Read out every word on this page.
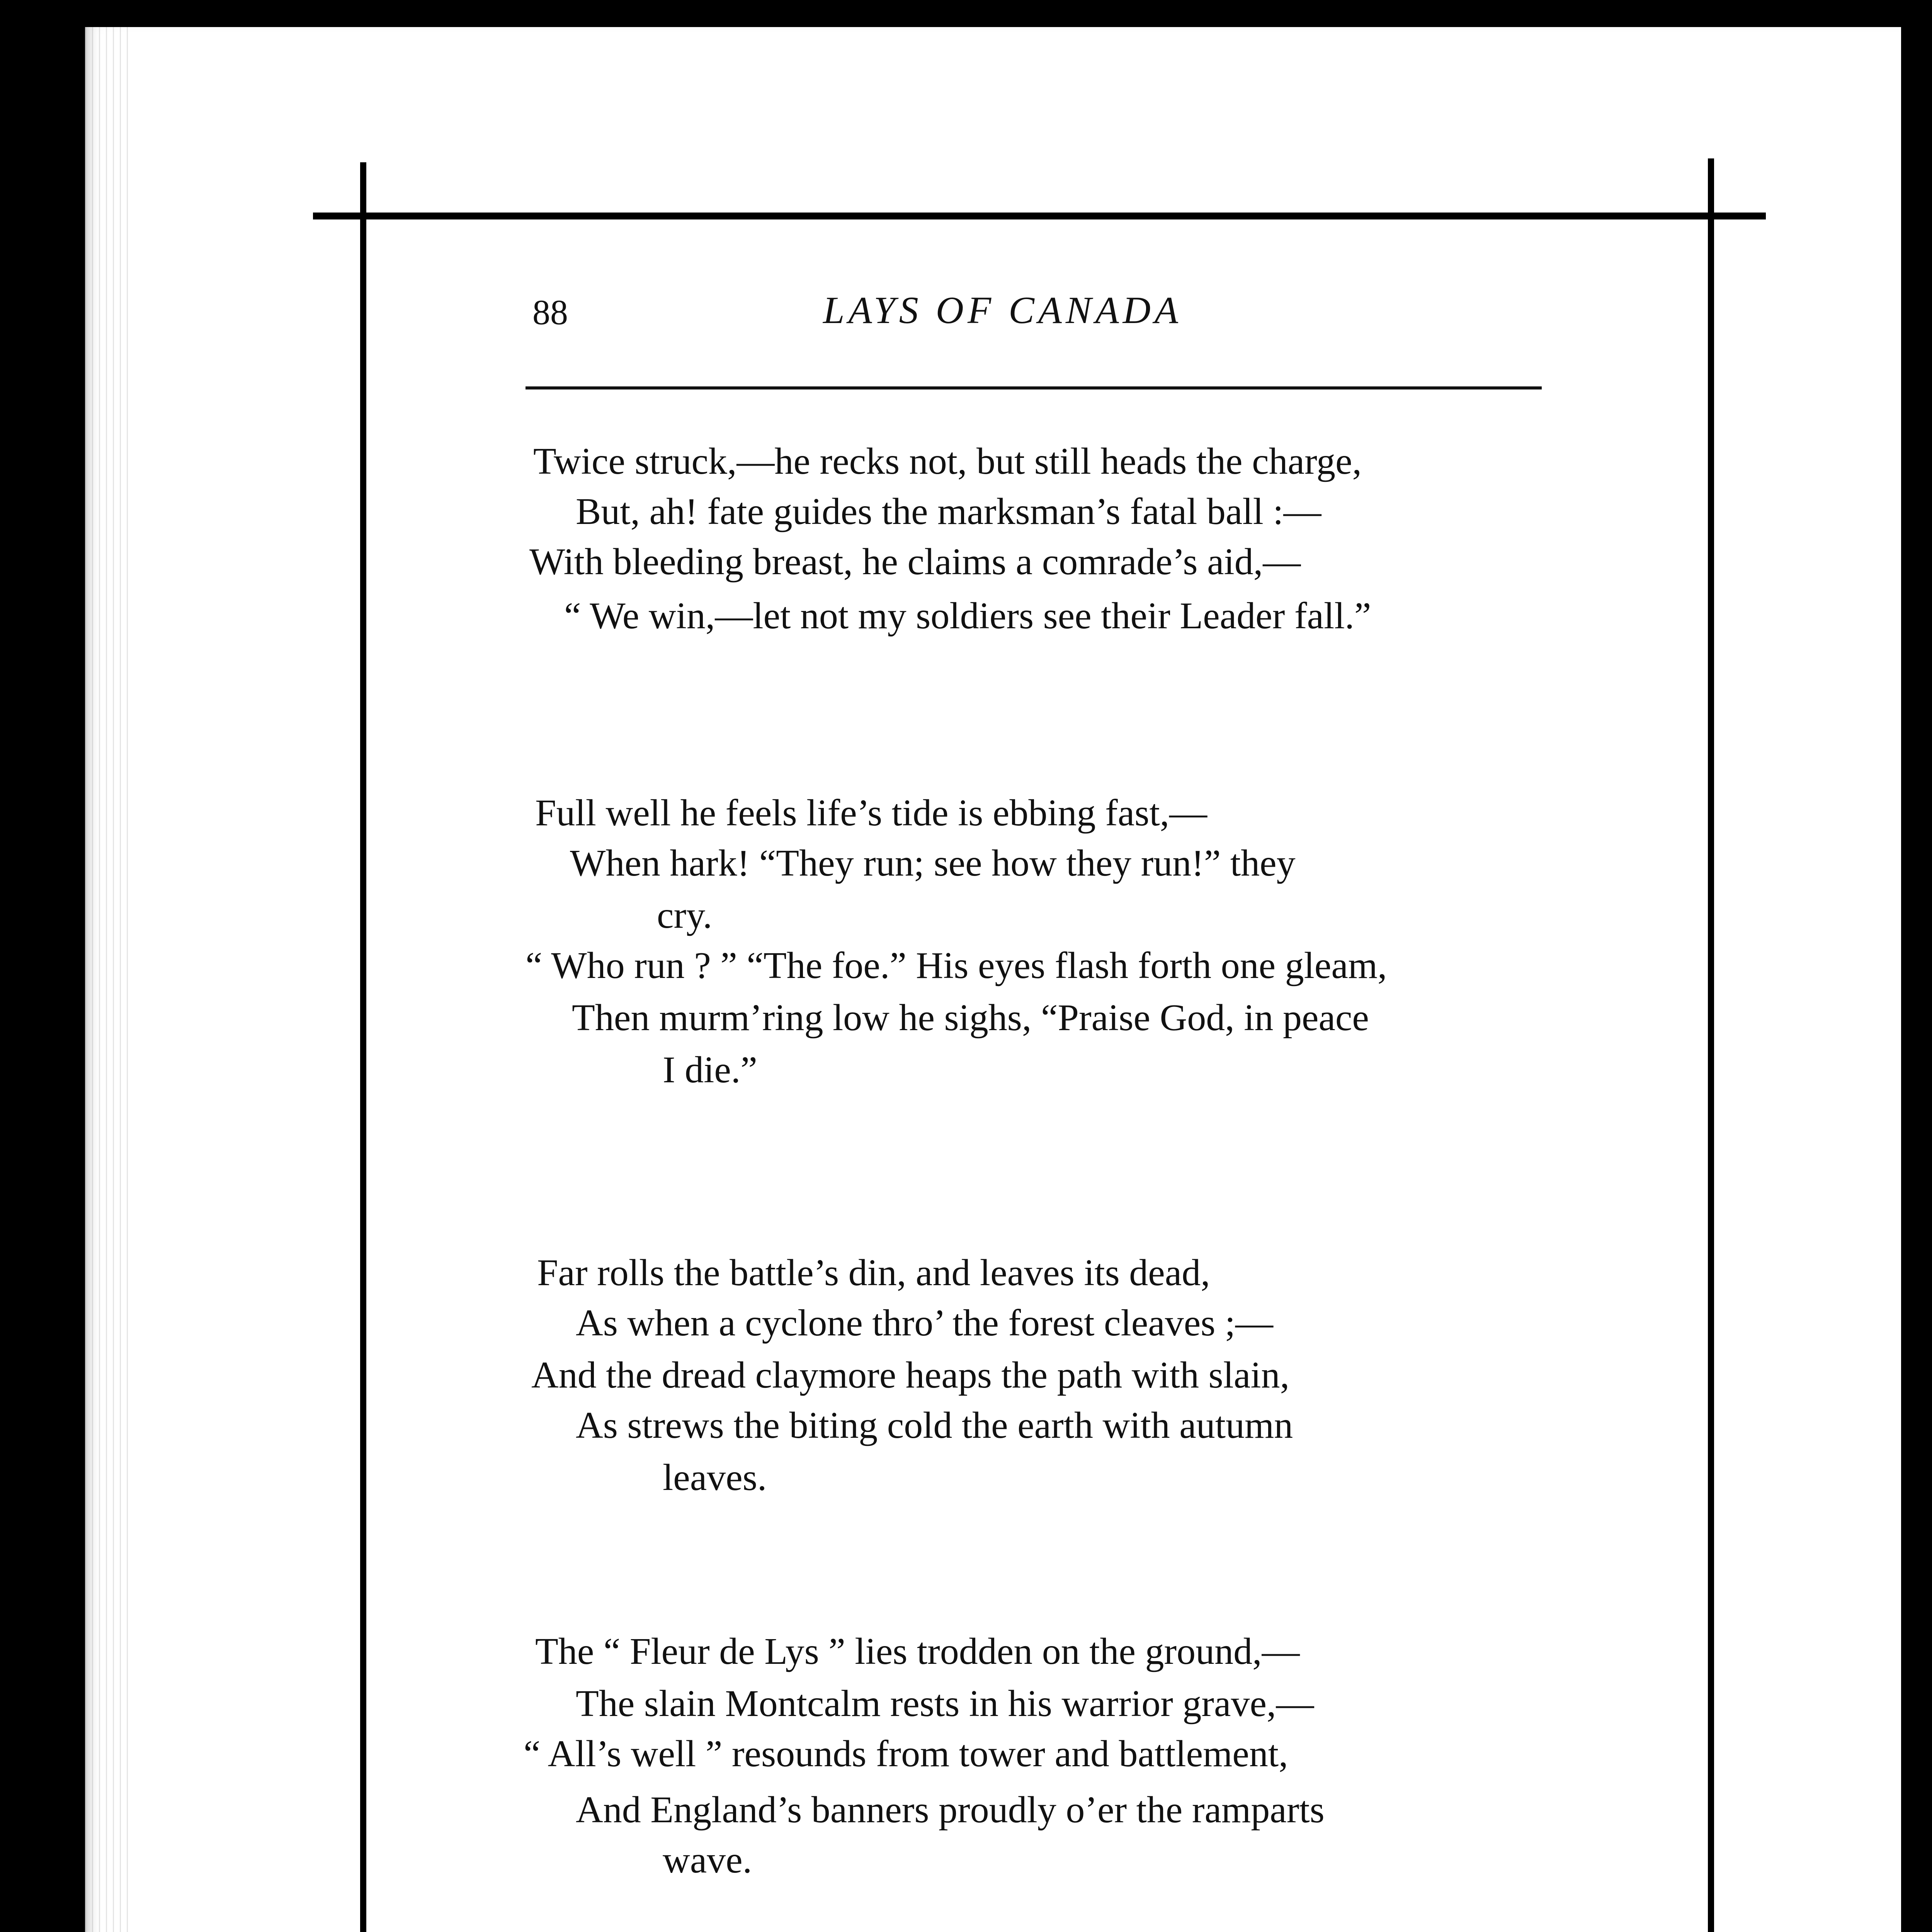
88	LAYS OF CANADA
Twice struck,—he recks not, but still heads the charge,
But, ah! fate guides the marksman’s fatal ball :—
With bleeding breast, he claims a comrade’s aid,—
“ We win,—let not my soldiers see their Leader fall.”
Full well he feels life’s tide is ebbing fast,—
When hark! “They run; see how they run!” they
cry.
“ Who run ? ” “The foe.” His eyes flash forth one gleam,
Then murm’ring low he sighs, “Praise God, in peace
I die.”
Far rolls the battle’s din, and leaves its dead,
As when a cyclone thro’ the forest cleaves ;—
And the dread claymore heaps the path with slain,
As strews the biting cold the earth with autumn
leaves.
The “ Fleur de Lys ” lies trodden on the ground,—
The slain Montcalm rests in his warrior grave,—
“ All’s well ” resounds from tower and battlement,
And England’s banners proudly o’er the ramparts
wave.
